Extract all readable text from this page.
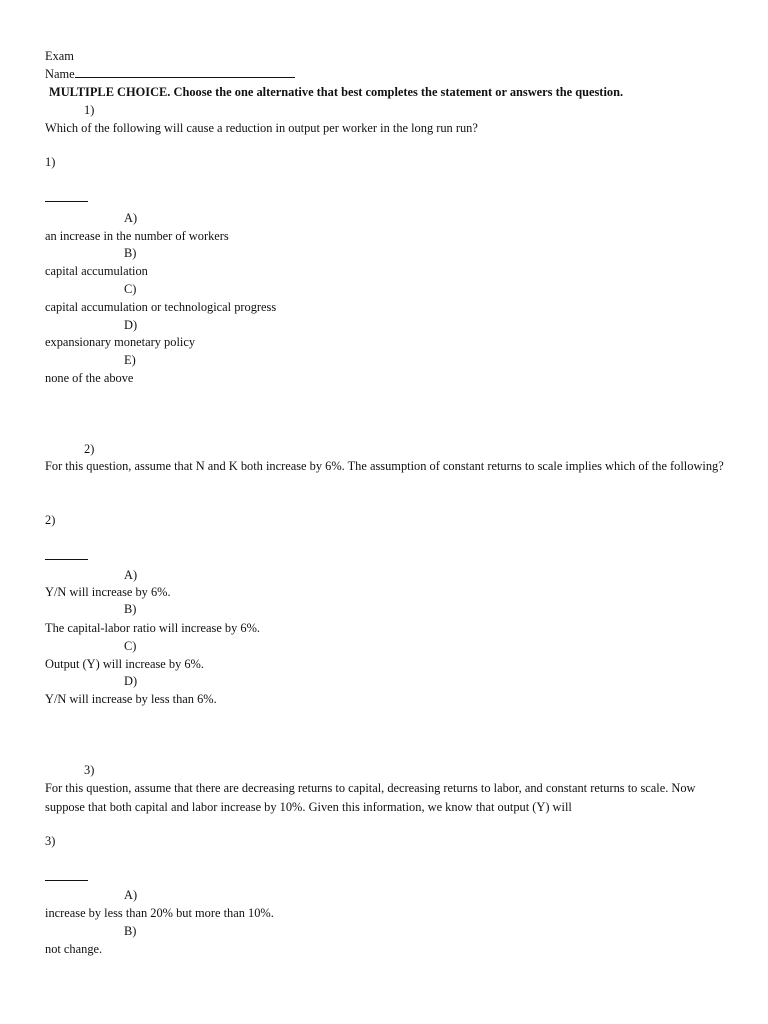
Exam
Name
MULTIPLE CHOICE. Choose the one alternative that best completes the statement or answers the question.
1)
Which of the following will cause a reduction in output per worker in the long run run?
1)
A)
an increase in the number of workers
B)
capital accumulation
C)
capital accumulation or technological progress
D)
expansionary monetary policy
E)
none of the above
2)
For this question, assume that N and K both increase by 6%. The assumption of constant returns to scale implies which of the following?
2)
A)
Y/N will increase by 6%.
B)
The capital-labor ratio will increase by 6%.
C)
Output (Y) will increase by 6%.
D)
Y/N will increase by less than 6%.
3)
For this question, assume that there are decreasing returns to capital, decreasing returns to labor, and constant returns to scale. Now suppose that both capital and labor increase by 10%. Given this information, we know that output (Y) will
3)
A)
increase by less than 20% but more than 10%.
B)
not change.
